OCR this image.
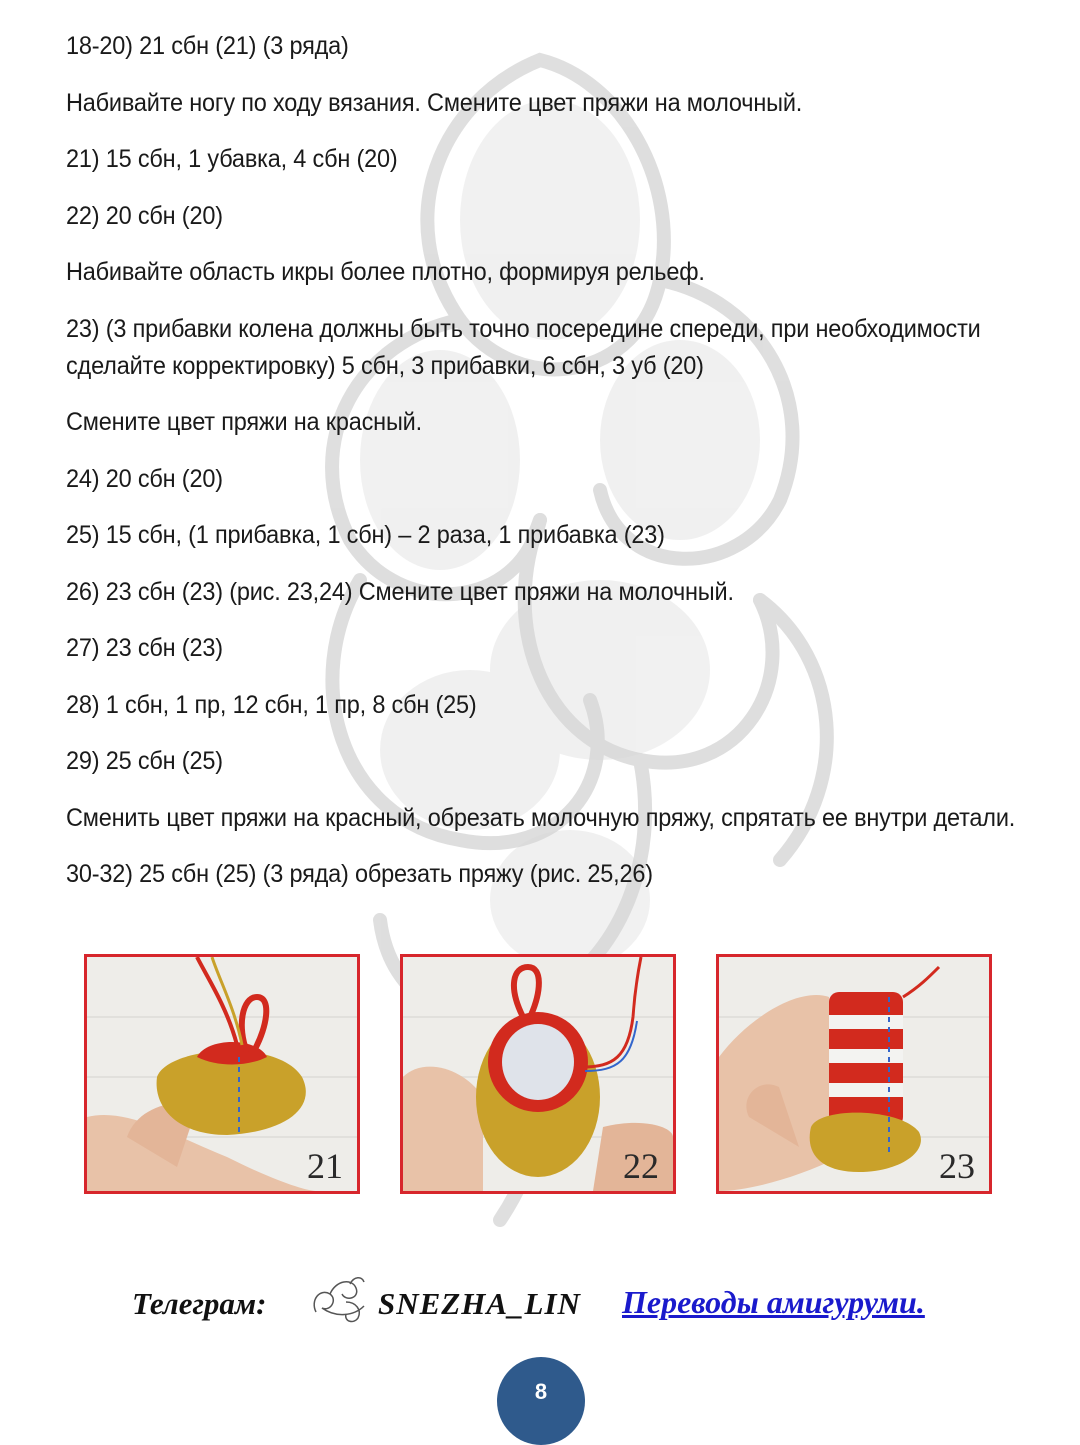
18-20) 21 сбн (21) (3 ряда)

Набивайте ногу по ходу вязания. Смените цвет пряжи на молочный.

21) 15 сбн, 1 убавка, 4 сбн (20)

22) 20 сбн (20)

Набивайте область икры более плотно, формируя рельеф.

23) (3 прибавки колена должны быть точно посередине спереди, при необходимости сделайте корректировку) 5 сбн, 3 прибавки, 6 сбн, 3 уб (20)

Смените цвет пряжи на красный.

24) 20 сбн (20)

25) 15 сбн, (1 прибавка, 1 сбн) – 2 раза, 1 прибавка (23)

26) 23 сбн (23) (рис. 23,24) Смените цвет пряжи на молочный.

27) 23 сбн (23)

28) 1 сбн, 1 пр, 12 сбн, 1 пр, 8 сбн (25)

29) 25 сбн (25)

Сменить цвет пряжи на красный, обрезать молочную пряжу, спрятать ее внутри детали.

30-32) 25 сбн (25) (3 ряда) обрезать пряжу (рис. 25,26)

21	22	23
Телеграм:	SNEZHA_LIN Переводы амигуруми.
8
